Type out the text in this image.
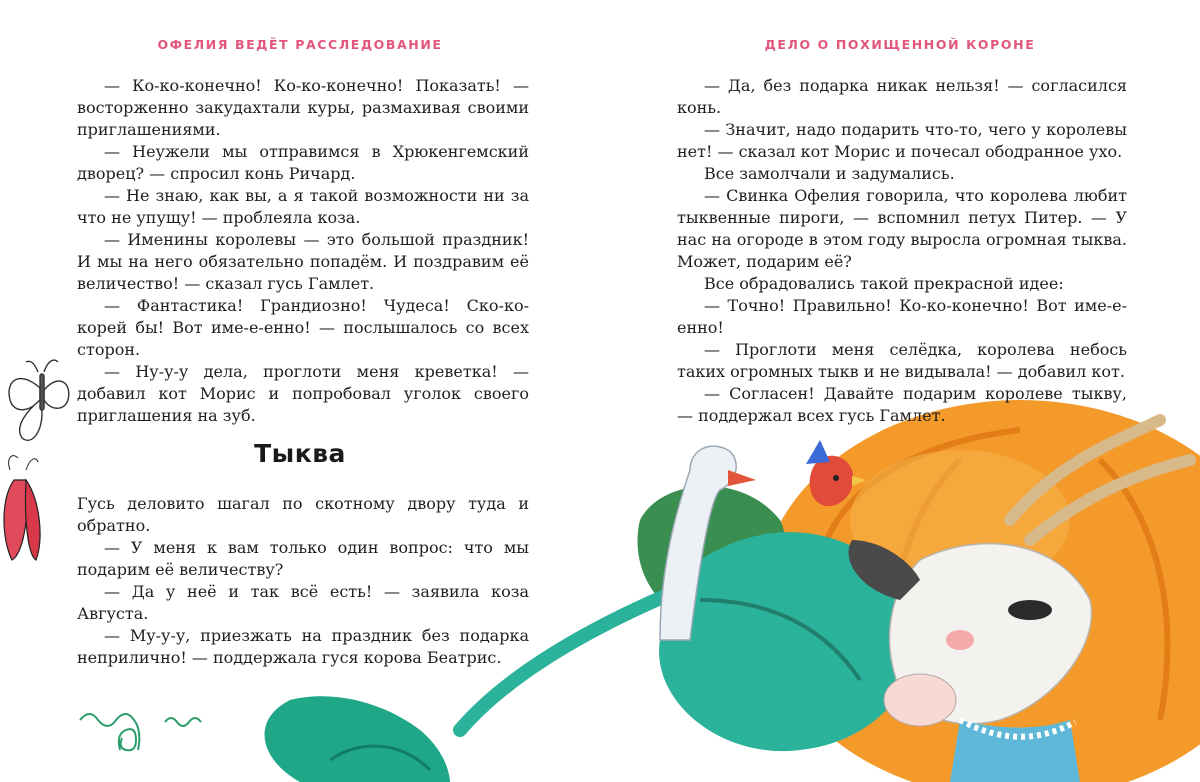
ОФЕЛИЯ ВЕДЁТ РАССЛЕДОВАНИЕ

— Ко-ко-конечно! Ко-ко-конечно! Показать! — восторженно закудахтали куры, размахивая своими приглашениями.

— Неужели мы отправимся в Хрюкенгемский дворец? — спросил конь Ричард.

— Не знаю, как вы, а я такой возможности ни за что не упущу! — проблеяла коза.

— Именины королевы — это большой праздник! И мы на него обязательно попадём. И поздравим её величество! — сказал гусь Гамлет.

— Фантастика! Грандиозно! Чудеса! Ско-ко-корей бы! Вот име-е-енно! — послышалось со всех сторон.

— Ну-у-у дела, проглоти меня креветка! — добавил кот Морис и попробовал уголок своего приглашения на зуб.

Тыква

Гусь деловито шагал по скотному двору туда и обратно.

— У меня к вам только один вопрос: что мы подарим её величеству?

— Да у неё и так всё есть! — заявила коза Августа.

— Му-у-у, приезжать на праздник без подарка неприлично! — поддержала гуся корова Беатрис.

ДЕЛО О ПОХИЩЕННОЙ КОРОНЕ

— Да, без подарка никак нельзя! — согласился конь.

— Значит, надо подарить что-то, чего у королевы нет! — сказал кот Морис и почесал ободранное ухо.

Все замолчали и задумались.

— Свинка Офелия говорила, что королева любит тыквенные пироги, — вспомнил петух Питер. — У нас на огороде в этом году выросла огромная тыква. Может, подарим её?

Все обрадовались такой прекрасной идее:

— Точно! Правильно! Ко-ко-конечно! Вот име-е-енно!

— Проглоти меня селёдка, королева небось таких огромных тыкв и не видывала! — добавил кот.

— Согласен! Давайте подарим королеве тыкву, — поддержал всех гусь Гамлет.
